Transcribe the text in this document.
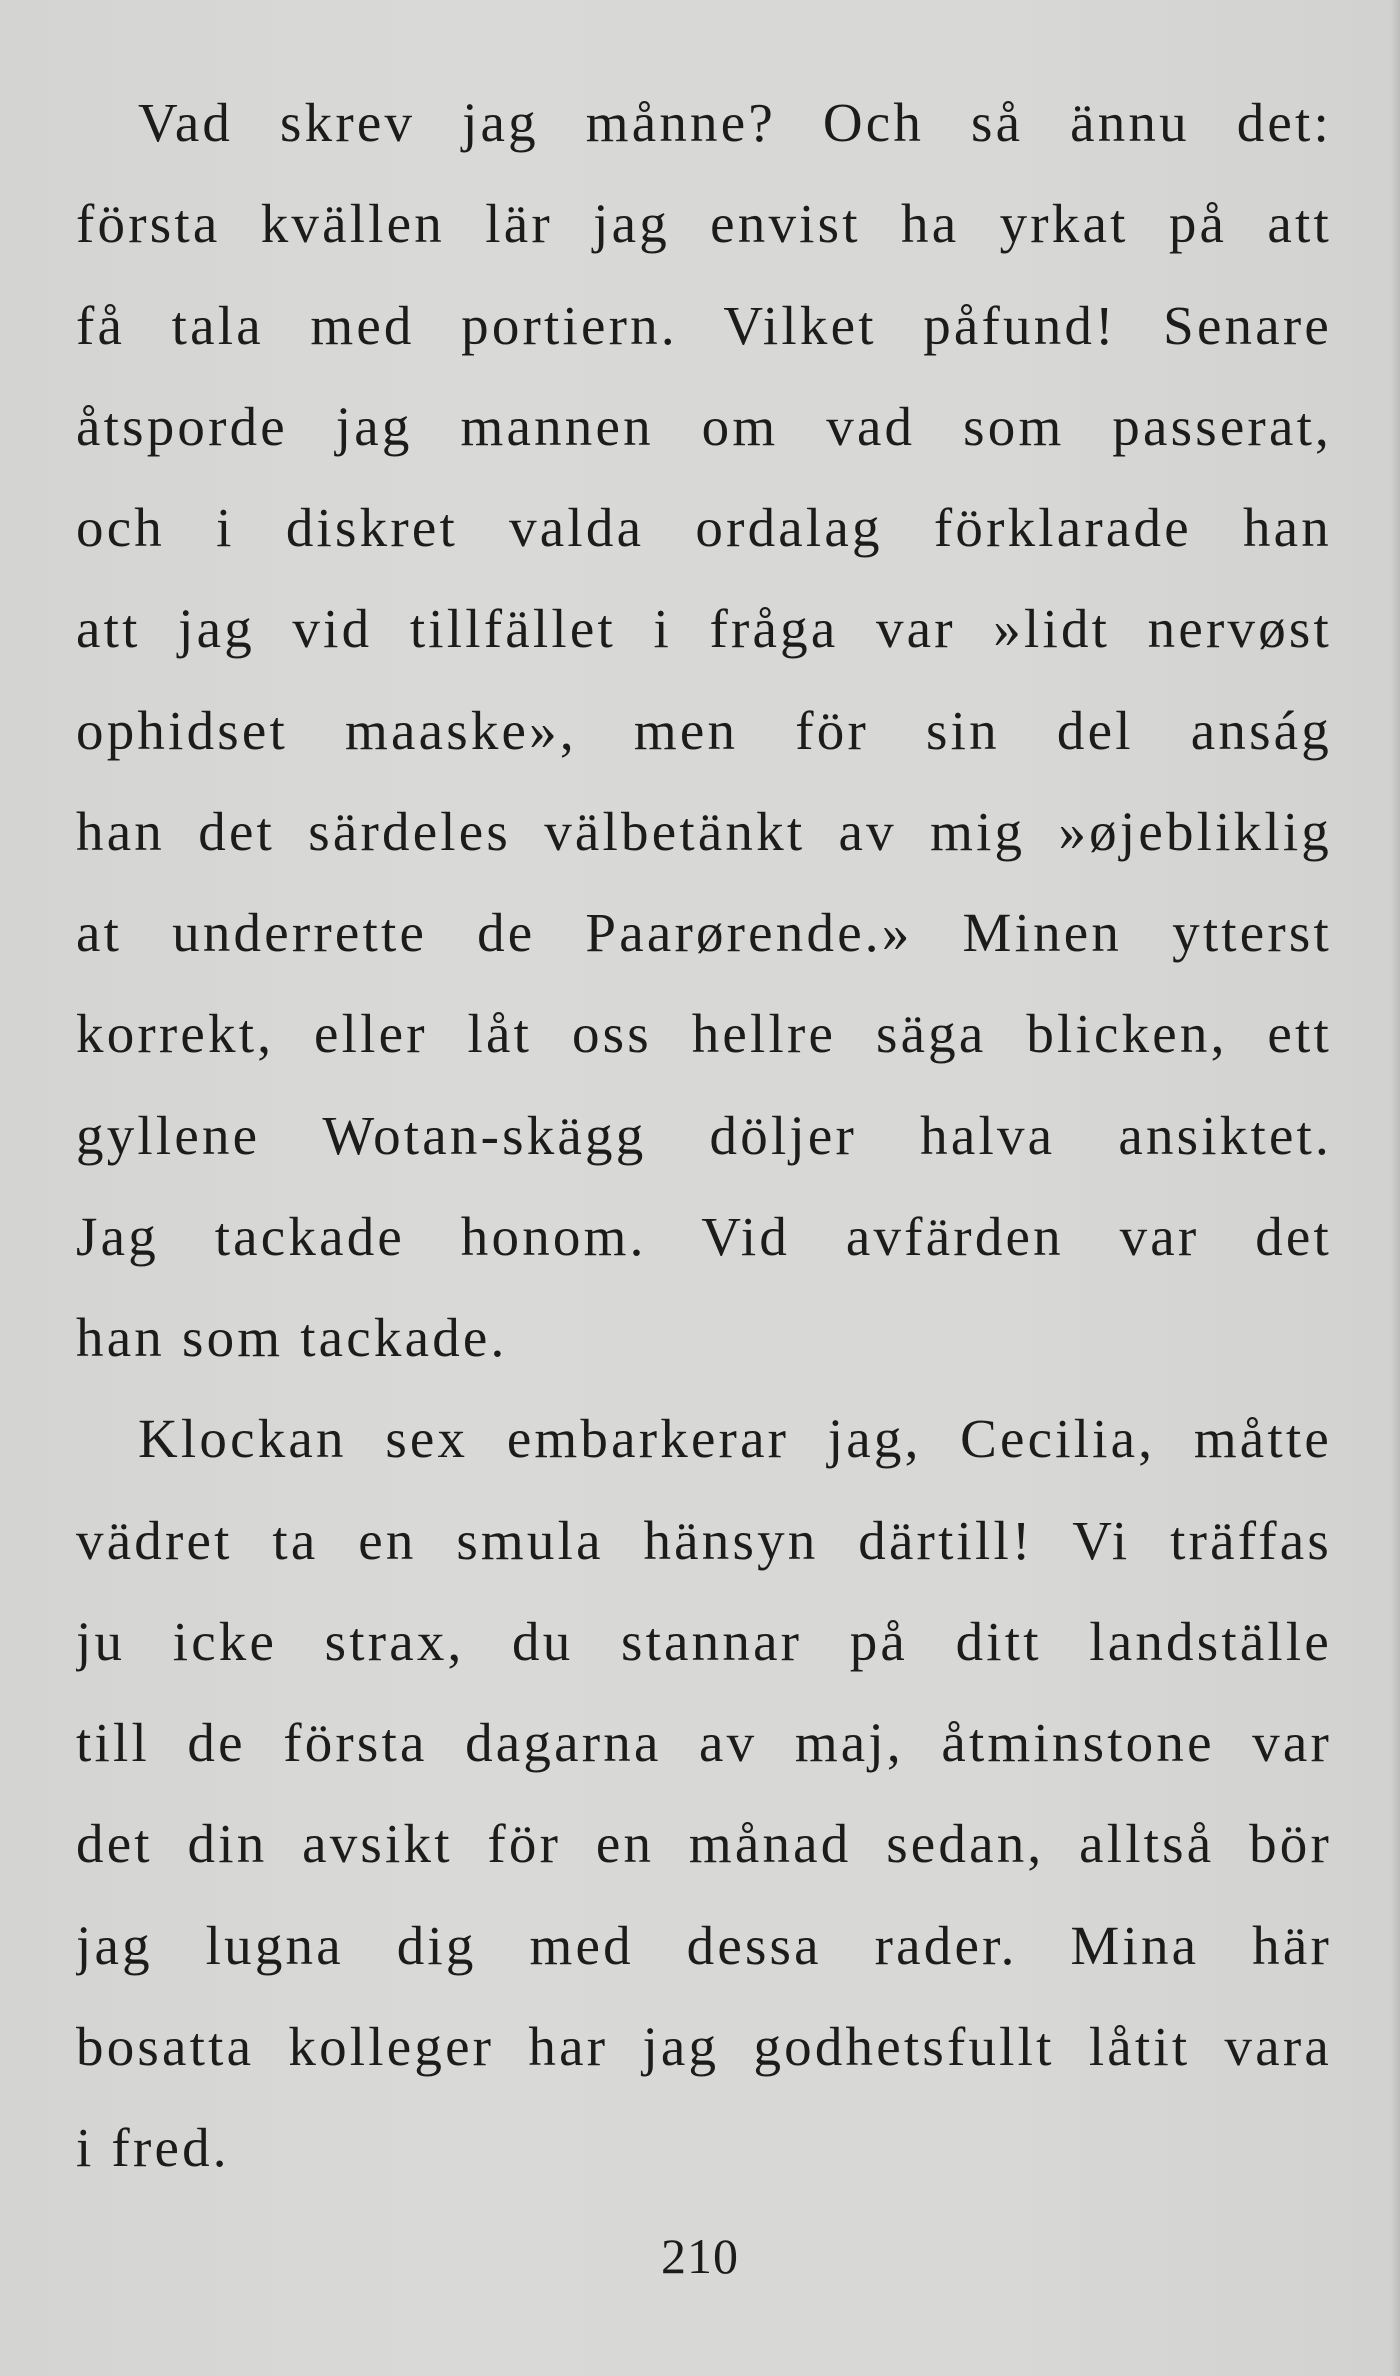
Vad skrev jag månne? Och så ännu det:
första kvällen lär jag envist ha yrkat på att
få tala med portiern. Vilket påfund! Senare
åtsporde jag mannen om vad som passerat,
och i diskret valda ordalag förklarade han
att jag vid tillfället i fråga var »lidt nervøst
ophidset maaske», men för sin del anság
han det särdeles välbetänkt av mig »øjebliklig
at underrette de Paarørende.» Minen ytterst
korrekt, eller låt oss hellre säga blicken, ett
gyllene Wotan-skägg döljer halva ansiktet.
Jag tackade honom. Vid avfärden var det
han som tackade.
Klockan sex embarkerar jag, Cecilia, måtte
vädret ta en smula hänsyn därtill! Vi träffas
ju icke strax, du stannar på ditt landställe
till de första dagarna av maj, åtminstone var
det din avsikt för en månad sedan, alltså bör
jag lugna dig med dessa rader. Mina här
bosatta kolleger har jag godhetsfullt låtit vara
i fred.
210
